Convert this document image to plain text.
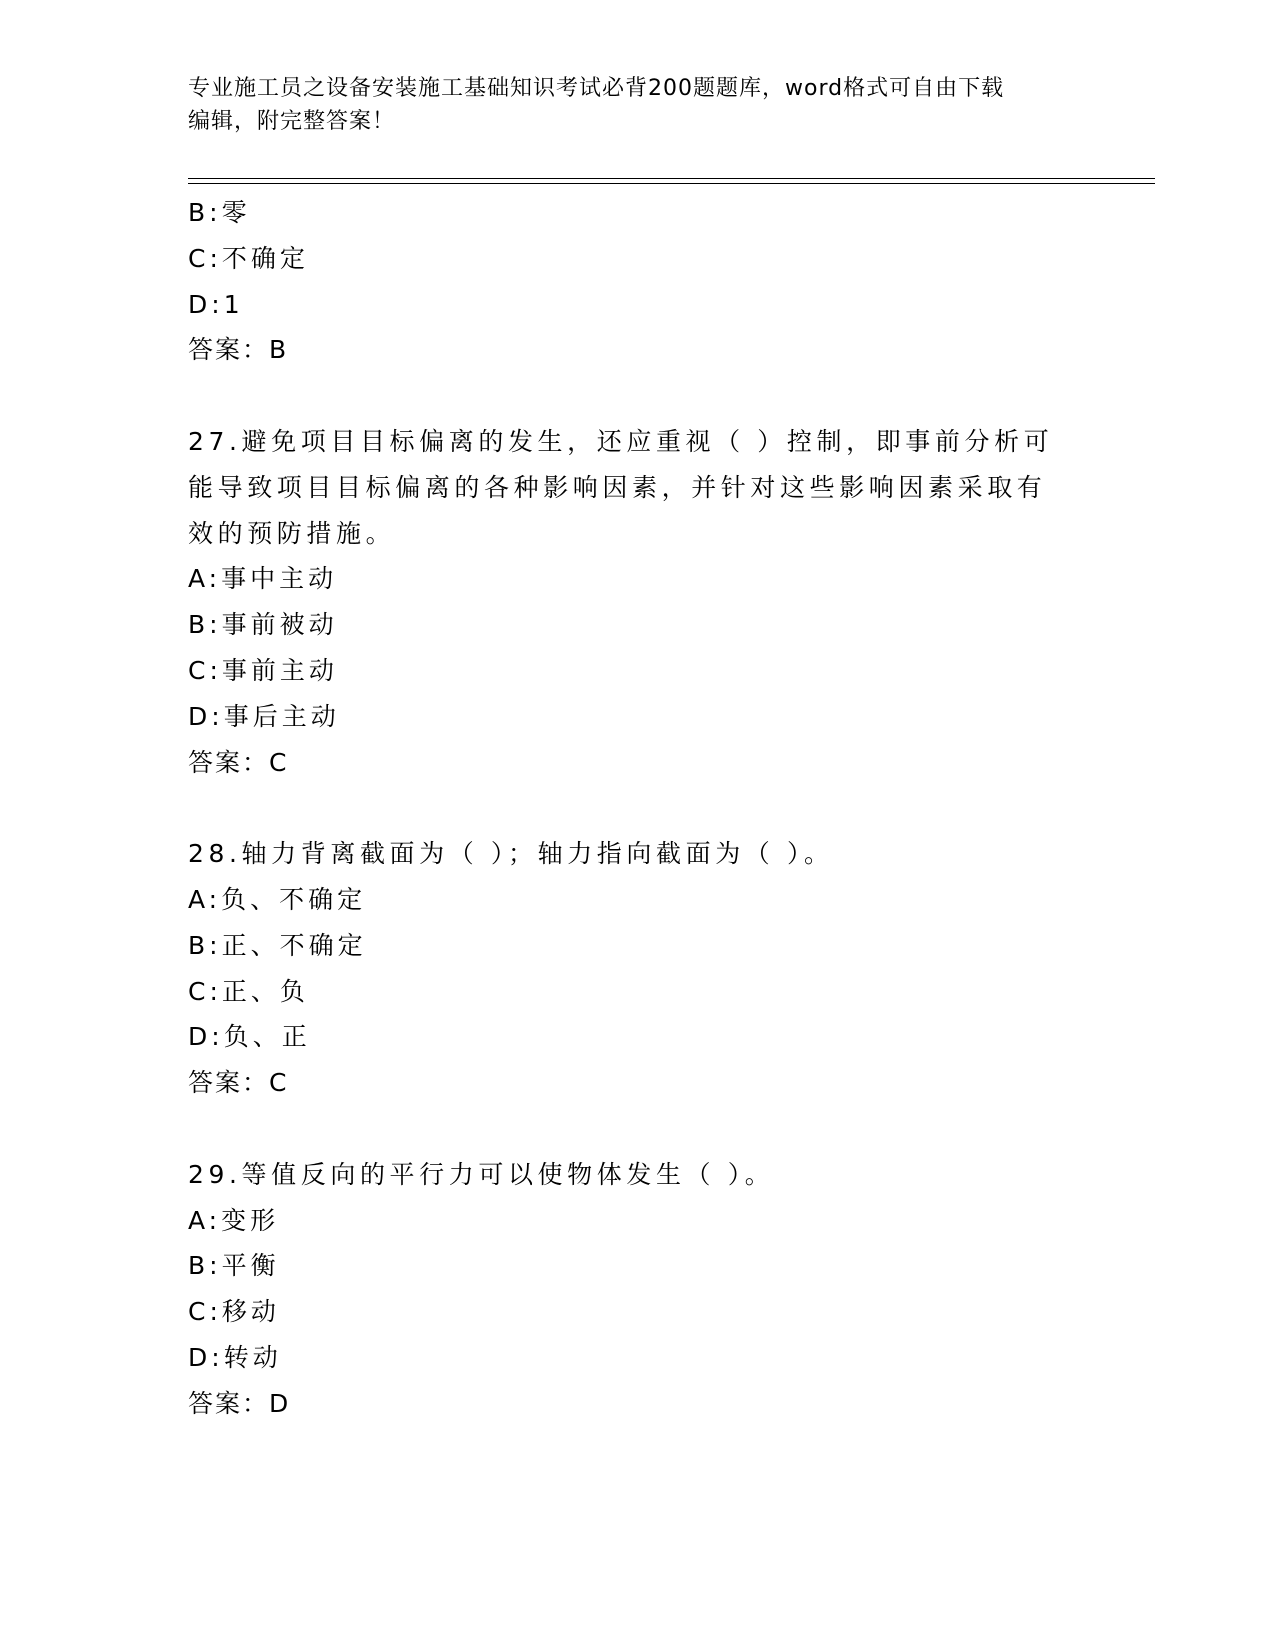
专业施工员之设备安装施工基础知识考试必背200题题库，word格式可自由下载
编辑，附完整答案！
B:零
C:不确定
D:1
答案：B
27.避免项目目标偏离的发生，还应重视（ ）控制，即事前分析可能导致项目目标偏离的各种影响因素，并针对这些影响因素采取有效的预防措施。
A:事中主动
B:事前被动
C:事前主动
D:事后主动
答案：C
28.轴力背离截面为（ ）；轴力指向截面为（ ）。
A:负、不确定
B:正、不确定
C:正、负
D:负、正
答案：C
29.等值反向的平行力可以使物体发生（ ）。
A:变形
B:平衡
C:移动
D:转动
答案：D
